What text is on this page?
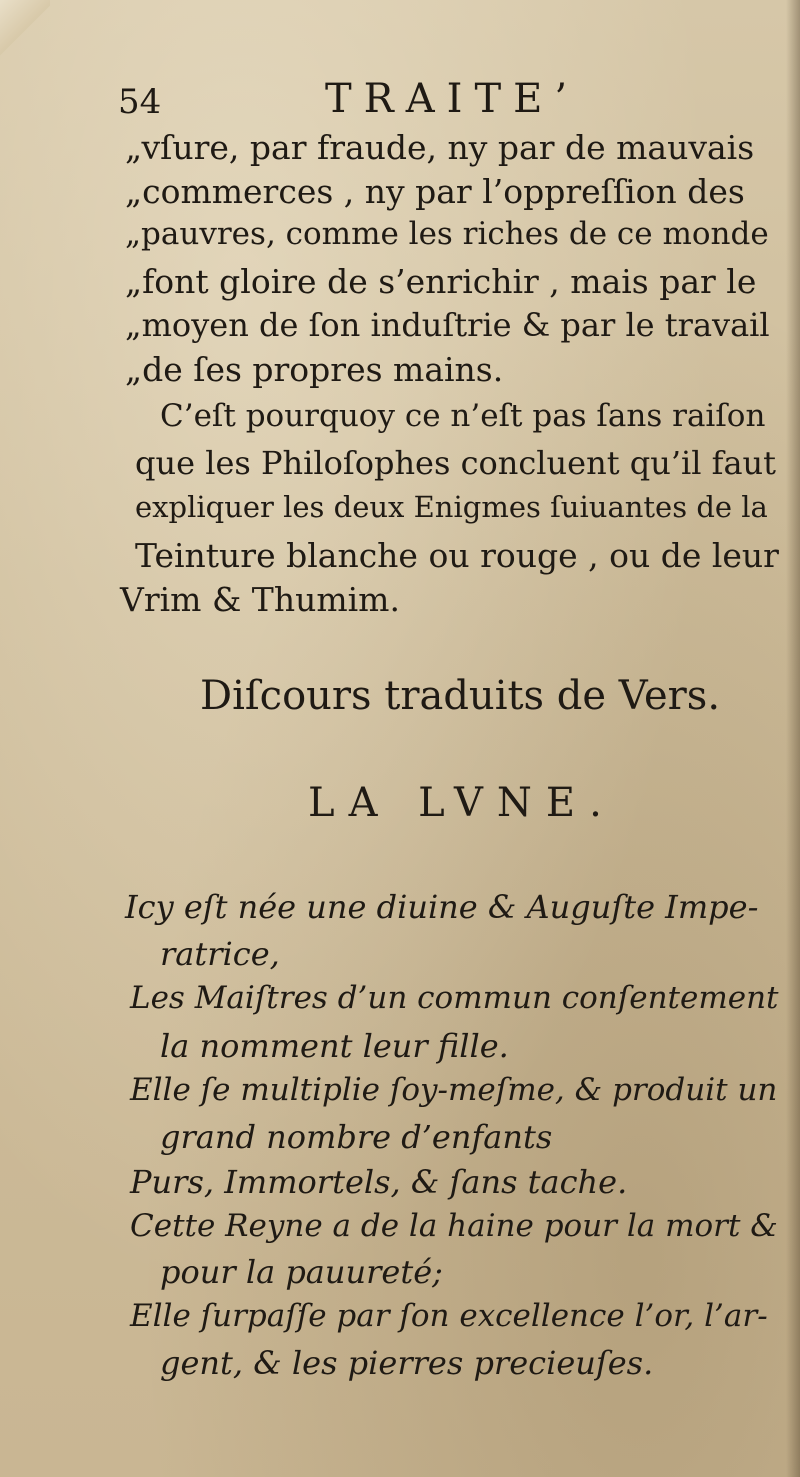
54	TRAITE’
„vſure, par fraude, ny par de mauvais
„commerces , ny par l’oppreſſion des
„pauvres, comme les riches de ce monde
„font gloire de s’enrichir , mais par le
„moyen de ſon induſtrie & par le travail
„de ſes propres mains.
C’eſt pourquoy ce n’eſt pas ſans raiſon
que les Philoſophes concluent qu’il faut
expliquer les deux Enigmes ſuiuantes de la
Teinture blanche ou rouge , ou de leur
Vrim & Thumim.
Diſcours traduits de Vers.
LA LVNE.
Icy eſt née une diuine & Auguſte Impe-
ratrice,
Les Maiſtres d’un commun conſentement
la nomment leur fille.
Elle ſe multiplie ſoy-meſme, & produit un
grand nombre d’enfants
Purs, Immortels, & ſans tache.
Cette Reyne a de la haine pour la mort &
pour la pauureté;
Elle ſurpaſſe par ſon excellence l’or, l’ar-
gent, & les pierres precieuſes.
